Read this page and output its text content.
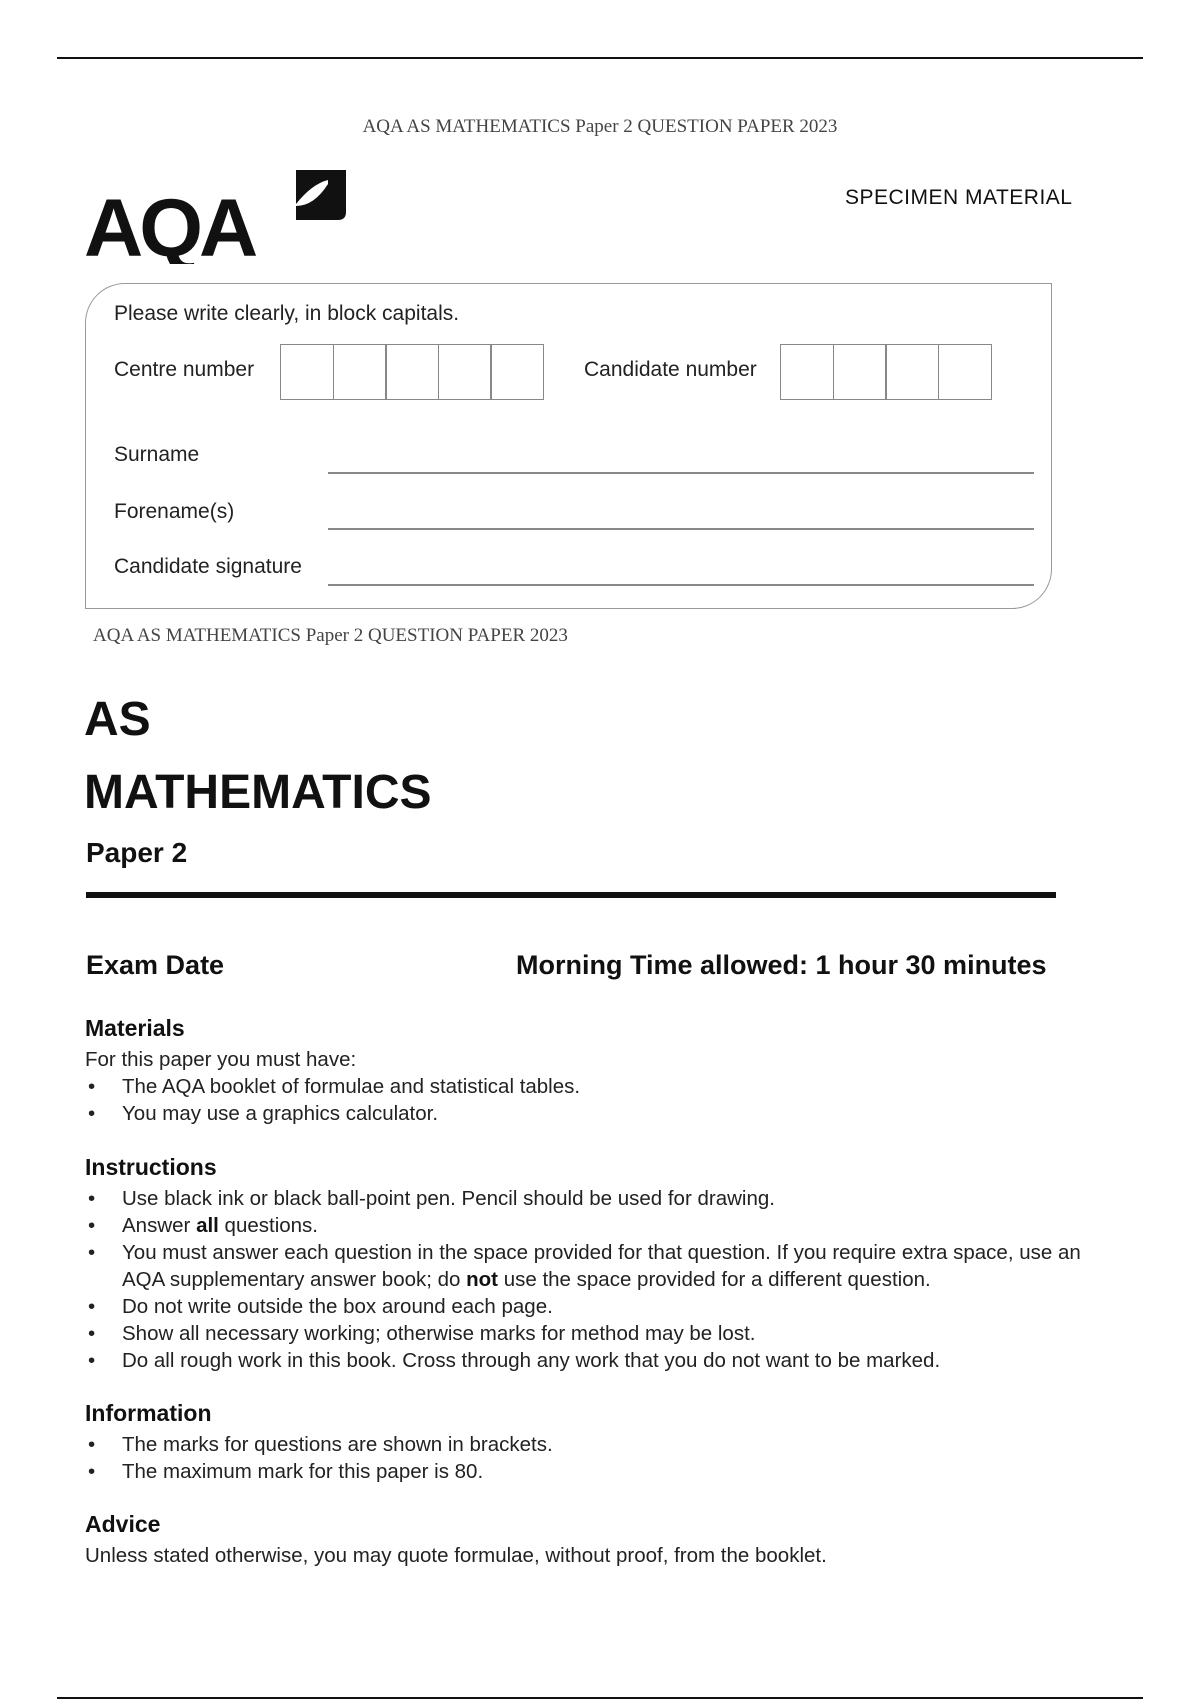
AQA AS MATHEMATICS Paper 2 QUESTION PAPER 2023
AQA	SPECIMEN MATERIAL
Please write clearly, in block capitals.
Centre number	Candidate number
Surname
Forename(s)
Candidate signature
AQA AS MATHEMATICS Paper 2 QUESTION PAPER 2023
AS
MATHEMATICS
Paper 2
Exam Date	Morning Time allowed: 1 hour 30 minutes
Materials

For this paper you must have:

• The AQA booklet of formulae and statistical tables.
• You may use a graphics calculator.
Instructions
• Use black ink or black ball-point pen. Pencil should be used for drawing.
• Answer all questions.
• You must answer each question in the space provided for that question. If you require extra space, use an AQA supplementary answer book; do not use the space provided for a different question.
• Do not write outside the box around each page.
• Show all necessary working; otherwise marks for method may be lost.
• Do all rough work in this book. Cross through any work that you do not want to be marked.
Information
• The marks for questions are shown in brackets.
• The maximum mark for this paper is 80.
Advice

Unless stated otherwise, you may quote formulae, without proof, from the booklet.
